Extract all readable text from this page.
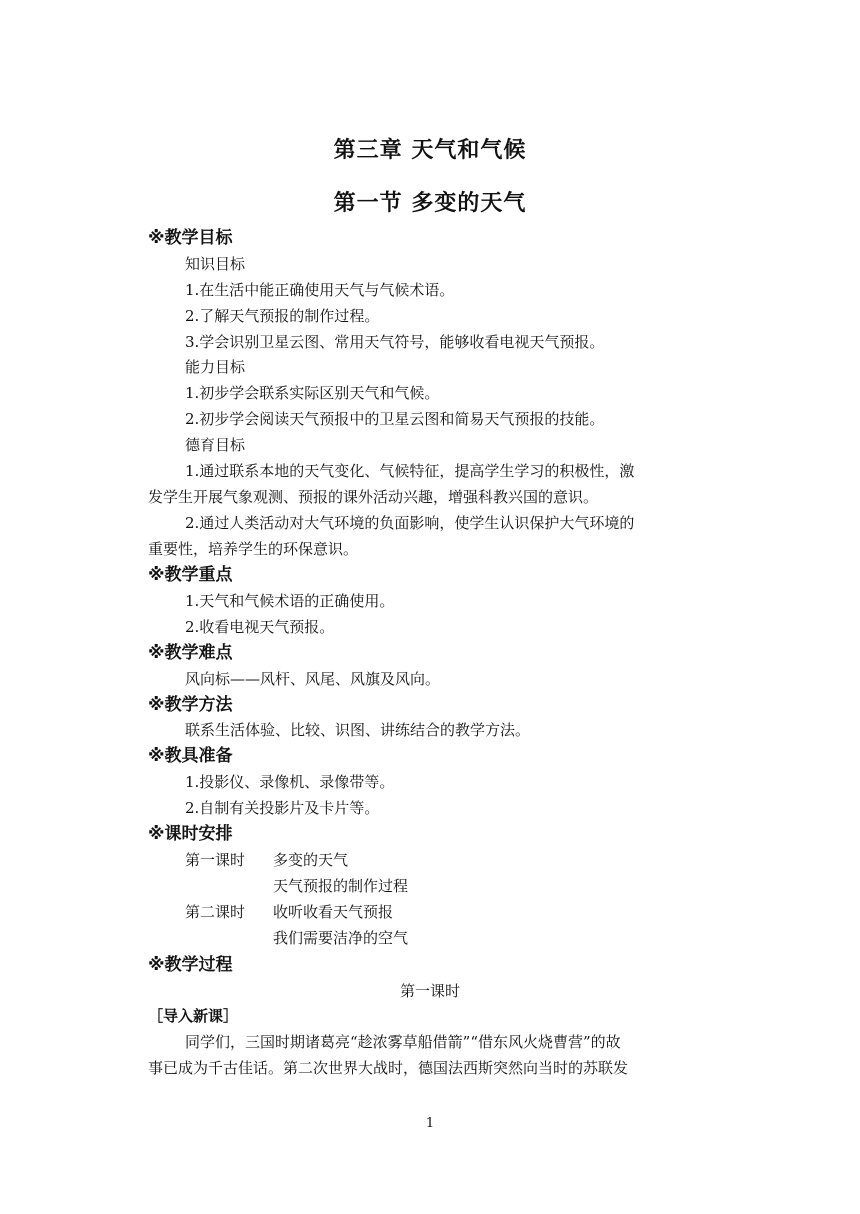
第三章 天气和气候
第一节 多变的天气
※教学目标
知识目标
1.在生活中能正确使用天气与气候术语。
2.了解天气预报的制作过程。
3.学会识别卫星云图、常用天气符号，能够收看电视天气预报。
能力目标
1.初步学会联系实际区别天气和气候。
2.初步学会阅读天气预报中的卫星云图和简易天气预报的技能。
德育目标
1.通过联系本地的天气变化、气候特征，提高学生学习的积极性，激
发学生开展气象观测、预报的课外活动兴趣，增强科教兴国的意识。
2.通过人类活动对大气环境的负面影响，使学生认识保护大气环境的
重要性，培养学生的环保意识。
※教学重点
1.天气和气候术语的正确使用。
2.收看电视天气预报。
※教学难点
风向标——风杆、风尾、风旗及风向。
※教学方法
联系生活体验、比较、识图、讲练结合的教学方法。
※教具准备
1.投影仪、录像机、录像带等。
2.自制有关投影片及卡片等。
※课时安排
第一课时 多变的天气
天气预报的制作过程
第二课时 收听收看天气预报
我们需要洁净的空气
※教学过程
第一课时
［导入新课］
同学们，三国时期诸葛亮“趁浓雾草船借箭”“借东风火烧曹营”的故
事已成为千古佳话。第二次世界大战时，德国法西斯突然向当时的苏联发
1
